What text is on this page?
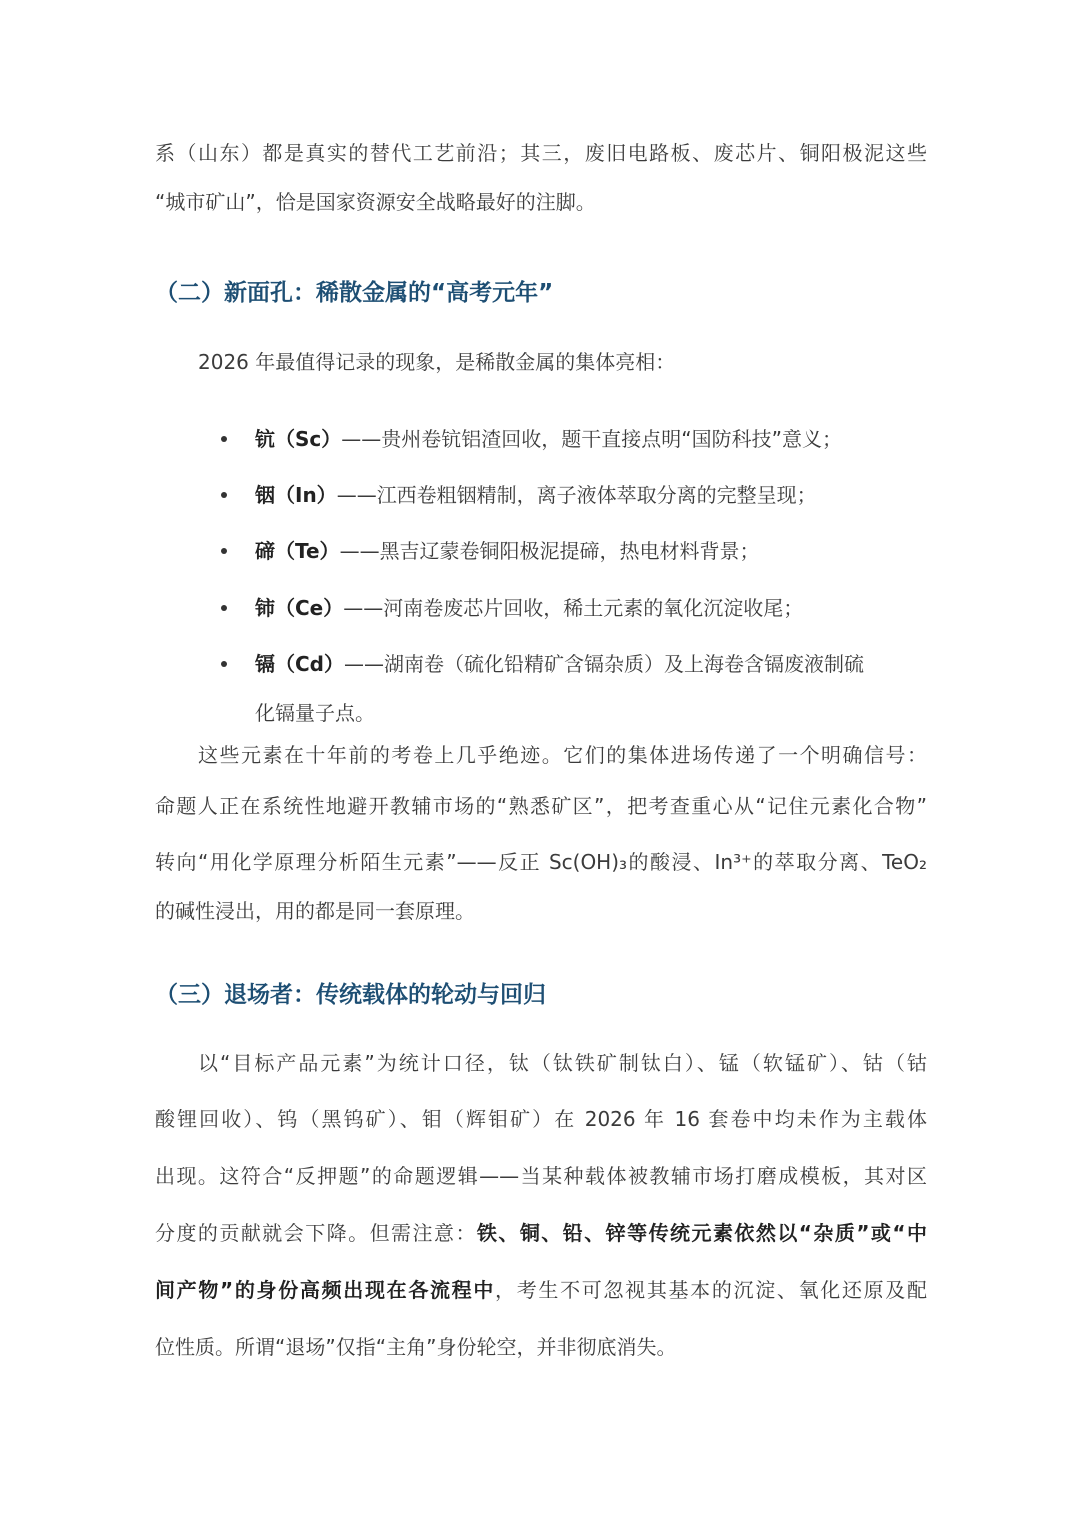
系（山东）都是真实的替代工艺前沿；其三，废旧电路板、废芯片、铜阳极泥这些
“城市矿山”，恰是国家资源安全战略最好的注脚。
（二）新面孔：稀散金属的“高考元年”
2026 年最值得记录的现象，是稀散金属的集体亮相：
钪（Sc）——贵州卷钪铝渣回收，题干直接点明“国防科技”意义；
铟（In）——江西卷粗铟精制，离子液体萃取分离的完整呈现；
碲（Te）——黑吉辽蒙卷铜阳极泥提碲，热电材料背景；
铈（Ce）——河南卷废芯片回收，稀土元素的氧化沉淀收尾；
镉（Cd）——湖南卷（硫化铅精矿含镉杂质）及上海卷含镉废液制硫
化镉量子点。
这些元素在十年前的考卷上几乎绝迹。它们的集体进场传递了一个明确信号：
命题人正在系统性地避开教辅市场的“熟悉矿区”，把考查重心从“记住元素化合物”
转向“用化学原理分析陌生元素”——反正 Sc(OH)₃的酸浸、In³⁺的萃取分离、TeO₂
的碱性浸出，用的都是同一套原理。
（三）退场者：传统载体的轮动与回归
以“目标产品元素”为统计口径，钛（钛铁矿制钛白）、锰（软锰矿）、钴（钴
酸锂回收）、钨（黑钨矿）、钼（辉钼矿）在 2026 年 16 套卷中均未作为主载体
出现。这符合“反押题”的命题逻辑——当某种载体被教辅市场打磨成模板，其对区
分度的贡献就会下降。但需注意：铁、铜、铅、锌等传统元素依然以“杂质”或“中
间产物”的身份高频出现在各流程中，考生不可忽视其基本的沉淀、氧化还原及配
位性质。所谓“退场”仅指“主角”身份轮空，并非彻底消失。
